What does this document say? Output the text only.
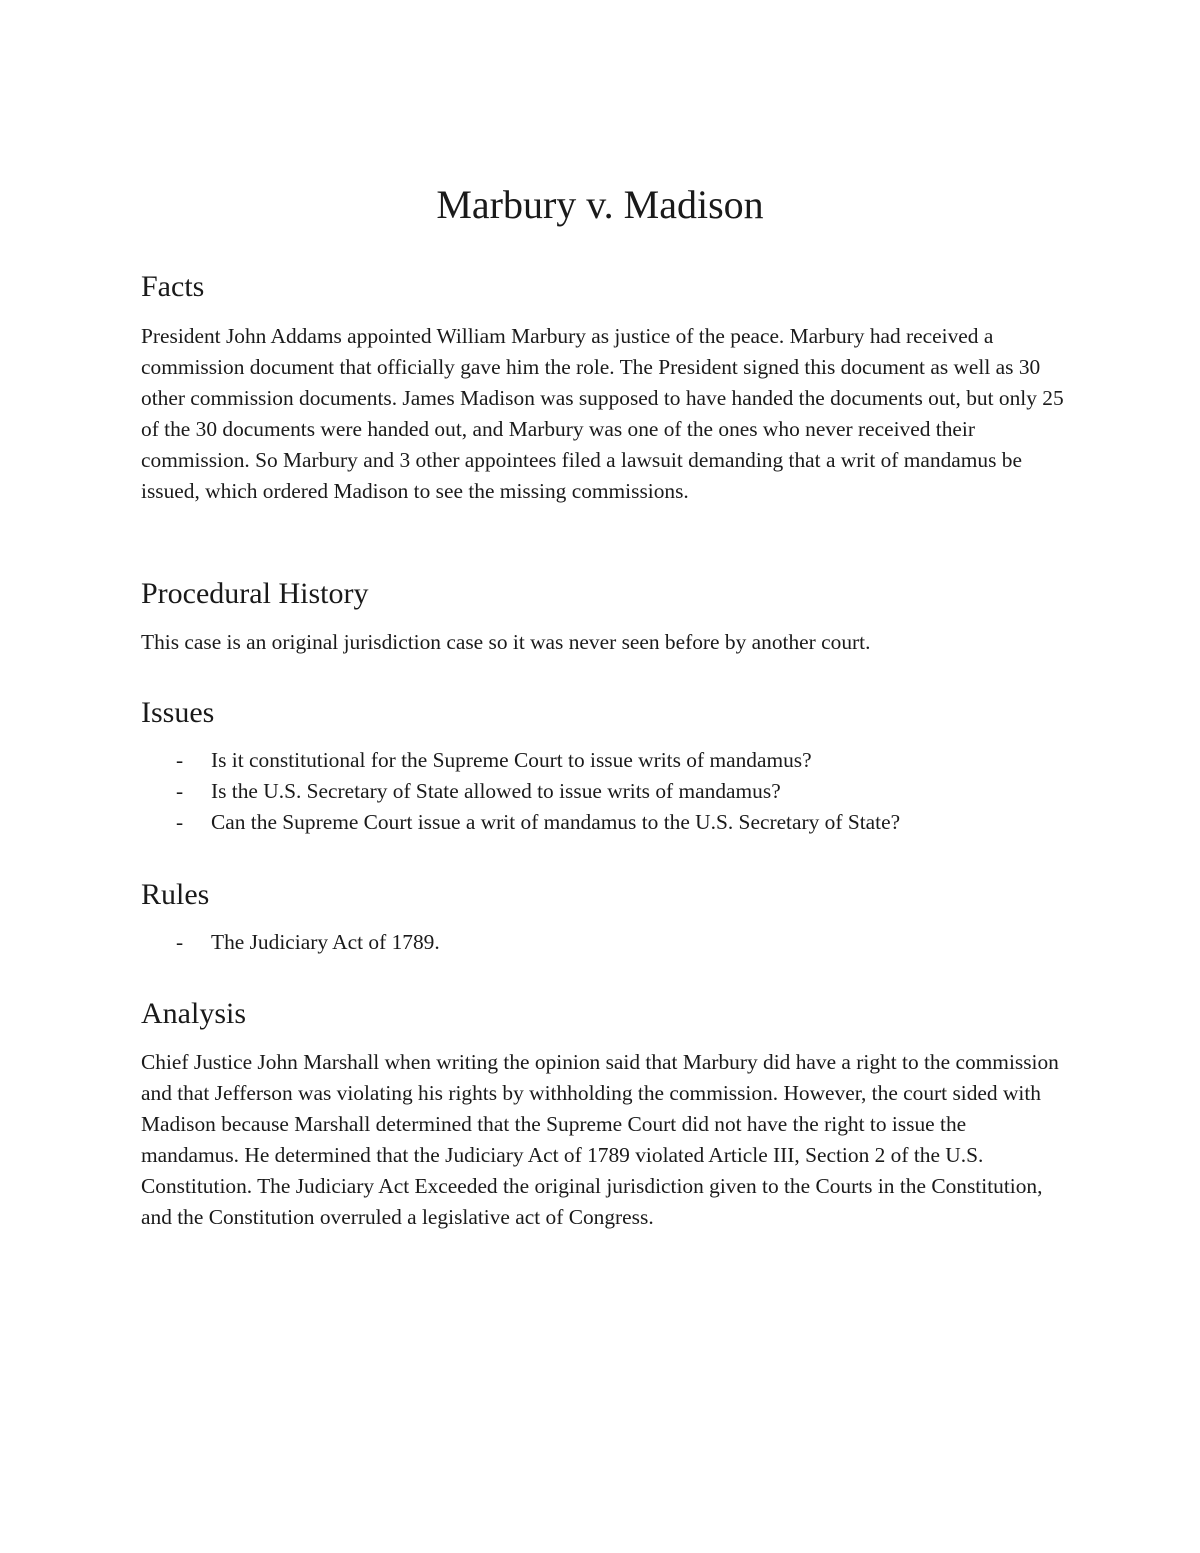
Marbury v. Madison
Facts

President John Addams appointed William Marbury as justice of the peace. Marbury had received a commission document that officially gave him the role. The President signed this document as well as 30 other commission documents. James Madison was supposed to have handed the documents out, but only 25 of the 30 documents were handed out, and Marbury was one of the ones who never received their commission. So Marbury and 3 other appointees filed a lawsuit demanding that a writ of mandamus be issued, which ordered Madison to see the missing commissions.

Procedural History

This case is an original jurisdiction case so it was never seen before by another court.

Issues
- Is it constitutional for the Supreme Court to issue writs of mandamus?
- Is the U.S. Secretary of State allowed to issue writs of mandamus?
- Can the Supreme Court issue a writ of mandamus to the U.S. Secretary of State?
Rules
- The Judiciary Act of 1789.
Analysis

Chief Justice John Marshall when writing the opinion said that Marbury did have a right to the commission and that Jefferson was violating his rights by withholding the commission. However, the court sided with Madison because Marshall determined that the Supreme Court did not have the right to issue the mandamus. He determined that the Judiciary Act of 1789 violated Article III, Section 2 of the U.S. Constitution. The Judiciary Act Exceeded the original jurisdiction given to the Courts in the Constitution, and the Constitution overruled a legislative act of Congress.
